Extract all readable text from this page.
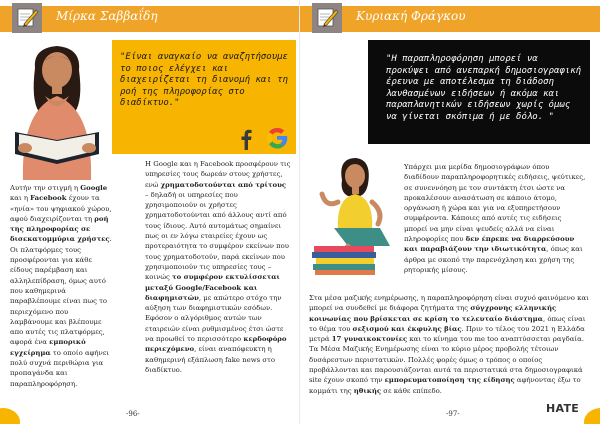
Μίρκα Σαββαΐδη
"Είναι αναγκαίο να αναζητήσουμε το ποιος ελέγχει και διαχειρίζεται τη διανομή και τη ροή της πληροφορίας στο διαδίκτυο."
Αυτήν την στιγμή η Google και η Facebook έχουν τα «ηνία» του ψηφιακού χώρου, αφού διαχειρίζονται τη ροή της πληροφορίας σε δισεκατομμύρια χρήστες. Οι πλατφόρμες τους προσφέρονται για κάθε είδους παρέμβαση και αλληλεπίδραση, όμως αυτό που καθημερινά παραβλέπουμε είναι πως το περιεχόμενο που λαμβάνουμε και βλέπουμε απο αυτές τις πλατφόρμες, αφορά ένα εμπορικό εγχείρημα το οποίο αφήνει πολύ συχνά περιθώρια για προπαγάνδα και παραπληροφόρηση.
Η Google και η Facebook προσφέρουν τις υπηρεσίες τους δωρεάν στους χρήστες, ενώ χρηματοδοτούνται από τρίτους – δηλαδή οι υπηρεσίες που χρησιμοποιούν οι χρήστες χρηματοδοτούνται από άλλους αντί από τους ίδιους. Αυτό αυτομάτως σημαίνει πως οι εν λόγω εταιρείες έχουν ως προτεραιότητα το συμφέρον εκείνων που τους χρηματοδοτούν, παρά εκείνων που χρησιμοποιούν τις υπηρεσίες τους – κοινώς το συμφέρον εκτυλίσσεται μεταξύ Google/Facebook και διαφημιστών, με απώτερο στόχο την αύξηση των διαφημιστικών εσόδων. Εφόσον ο αλγόριθμος αυτών των εταιρειών είναι ρυθμισμένος έτσι ώστε να προωθεί το περισσότερο κερδοφόρο περιεχόμενο, είναι αναπόφευκτη η καθημερινή εξάπλωση fake news στο διαδίκτυο.
-96-
Κυριακή Φράγκου
"Η παραπληροφόρηση μπορεί να προκύψει από ανεπαρκή δημοσιογραφική έρευνα με αποτέλεσμα τη διάδοση λανθασμένων ειδήσεων ή ακόμα και παραπλανητικών ειδήσεων χωρίς όμως να γίνεται σκόπιμα ή με δόλο. "
Υπάρχει μια μερίδα δημοσιογράφων όπου διαδίδουν παραπληροφορητικές ειδήσεις, ψεύτικες, σε συνεννόηση με τον συντάκτη έτσι ώστε να προκαλέσουν ανασάτωση σε κάποιο άτομο, οργάνωση ή χώρα και για να εξυπηρετήσουν συμφέροντα. Κάποιες από αυτές τις ειδήσεις μπορεί να μην είναι ψευδείς αλλά να είναι πληροφορίες που δεν έπρεπε να διαρρεύσουν και παραβιάζουν την ιδιωτικότητα, όπως και άρθρα με σκοπό την παρενόχληση και χρήση της ρητορικής μίσους.
Στα μέσα μαζικής ενημέρωσης, η παραπληροφόρηση είναι συχνό φαινόμενο και μπορεί να συνδεθεί με διάφορα ζητήματα της σύγχρονης ελληνικής κοινωνίας που βρίσκεται σε κρίση το τελευταίο διάστημα, όπως είναι το θέμα του σεξισμού και έκφυλης βίας. Πριν το τέλος του 2021 η Ελλάδα μετρά 17 γυναικοκτονίες και το κίνημα του me too αναπτύσσεται ραγδαία. Τα Μέσα Μαζικής Ενημέρωσης είναι το κύριο μέρος προβολής τέτοιων δυσάρεστων περιστατικών. Πολλές φορές όμως ο τρόπος ο οποίος προβάλλονται και παρουσιάζονται αυτά τα περιστατικά στα δημοσιογραφικά site έχουν σκοπό την εμπορευματοποίηση της είδησης αφήνοντας έξω το κομμάτι της ηθικής σε κάθε επίπεδο.
-97-	HATE
